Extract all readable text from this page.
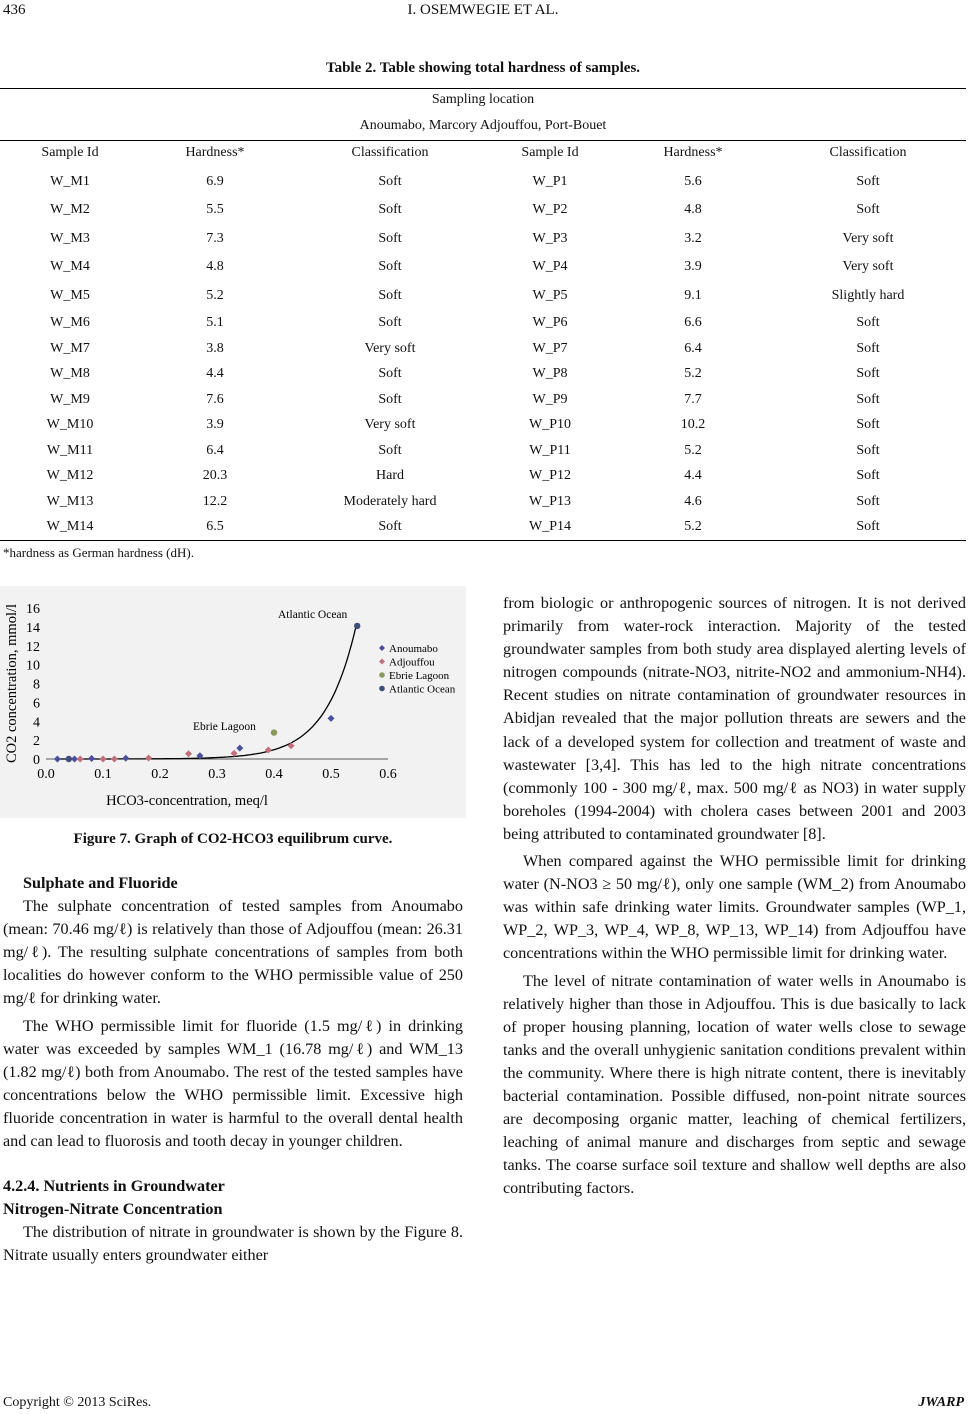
436	I. OSEMWEGIE ET AL.
Table 2. Table showing total hardness of samples.
Sampling location
Anoumabo, Marcory Adjouffou, Port-Bouet
Sample Id	Hardness*	Classification	Sample Id	Hardness*	Classification
W_M1	6.9	Soft	W_P1	5.6	Soft
W_M2	5.5	Soft	W_P2	4.8	Soft
W_M3	7.3	Soft	W_P3	3.2	Very soft
W_M4	4.8	Soft	W_P4	3.9	Very soft
W_M5	5.2	Soft	W_P5	9.1	Slightly hard
W_M6	5.1	Soft	W_P6	6.6	Soft
W_M7	3.8	Very soft	W_P7	6.4	Soft
W_M8	4.4	Soft	W_P8	5.2	Soft
W_M9	7.6	Soft	W_P9	7.7	Soft
W_M10	3.9	Very soft	W_P10	10.2	Soft
W_M11	6.4	Soft	W_P11	5.2	Soft
W_M12	20.3	Hard	W_P12	4.4	Soft
W_M13	12.2	Moderately hard	W_P13	4.6	Soft
W_M14	6.5	Soft	W_P14	5.2	Soft
*hardness as German hardness (dH).
0.0	0.1	0.2	0.3	0.4	0.5	0.6
0
2
4
6
8
10
12
14
16
HCO3-concentration, meq/l
CO2 concentration, mmol/l	Atlantic Ocean
Ebrie Lagoon
Anoumabo
Adjouffou
Ebrie Lagoon
Atlantic Ocean
Figure 7. Graph of CO2-HCO3 equilibrum curve.
Sulphate and Fluoride

The sulphate concentration of tested samples from Anoumabo (mean: 70.46 mg/ℓ) is relatively than those of Adjouffou (mean: 26.31 mg/ℓ). The resulting sulphate concentrations of samples from both localities do however conform to the WHO permissible value of 250 mg/ℓ for drinking water.

The WHO permissible limit for fluoride (1.5 mg/ℓ) in drinking water was exceeded by samples WM_1 (16.78 mg/ℓ) and WM_13 (1.82 mg/ℓ) both from Anoumabo. The rest of the tested samples have concentrations below the WHO permissible limit. Excessive high fluoride concentration in water is harmful to the overall dental health and can lead to fluorosis and tooth decay in younger children.

4.2.4. Nutrients in Groundwater
Nitrogen-Nitrate Concentration

The distribution of nitrate in groundwater is shown by the Figure 8. Nitrate usually enters groundwater either

from biologic or anthropogenic sources of nitrogen. It is not derived primarily from water-rock interaction. Majority of the tested groundwater samples from both study area displayed alerting levels of nitrogen compounds (nitrate-NO3, nitrite-NO2 and ammonium-NH4). Recent studies on nitrate contamination of groundwater resources in Abidjan revealed that the major pollution threats are sewers and the lack of a developed system for collection and treatment of waste and wastewater [3,4]. This has led to the high nitrate concentrations (commonly 100 - 300 mg/ℓ, max. 500 mg/ℓ as NO3) in water supply boreholes (1994-2004) with cholera cases between 2001 and 2003 being attributed to contaminated groundwater [8].

When compared against the WHO permissible limit for drinking water (N-NO3 ≥ 50 mg/ℓ), only one sample (WM_2) from Anoumabo was within safe drinking water limits. Groundwater samples (WP_1, WP_2, WP_3, WP_4, WP_8, WP_13, WP_14) from Adjouffou have concentrations within the WHO permissible limit for drinking water.

The level of nitrate contamination of water wells in Anoumabo is relatively higher than those in Adjouffou. This is due basically to lack of proper housing planning, location of water wells close to sewage tanks and the overall unhygienic sanitation conditions prevalent within the community. Where there is high nitrate content, there is inevitably bacterial contamination. Possible diffused, non-point nitrate sources are decomposing organic matter, leaching of chemical fertilizers, leaching of animal manure and discharges from septic and sewage tanks. The coarse surface soil texture and shallow well depths are also contributing factors.

Copyright © 2013 SciRes.	JWARP
